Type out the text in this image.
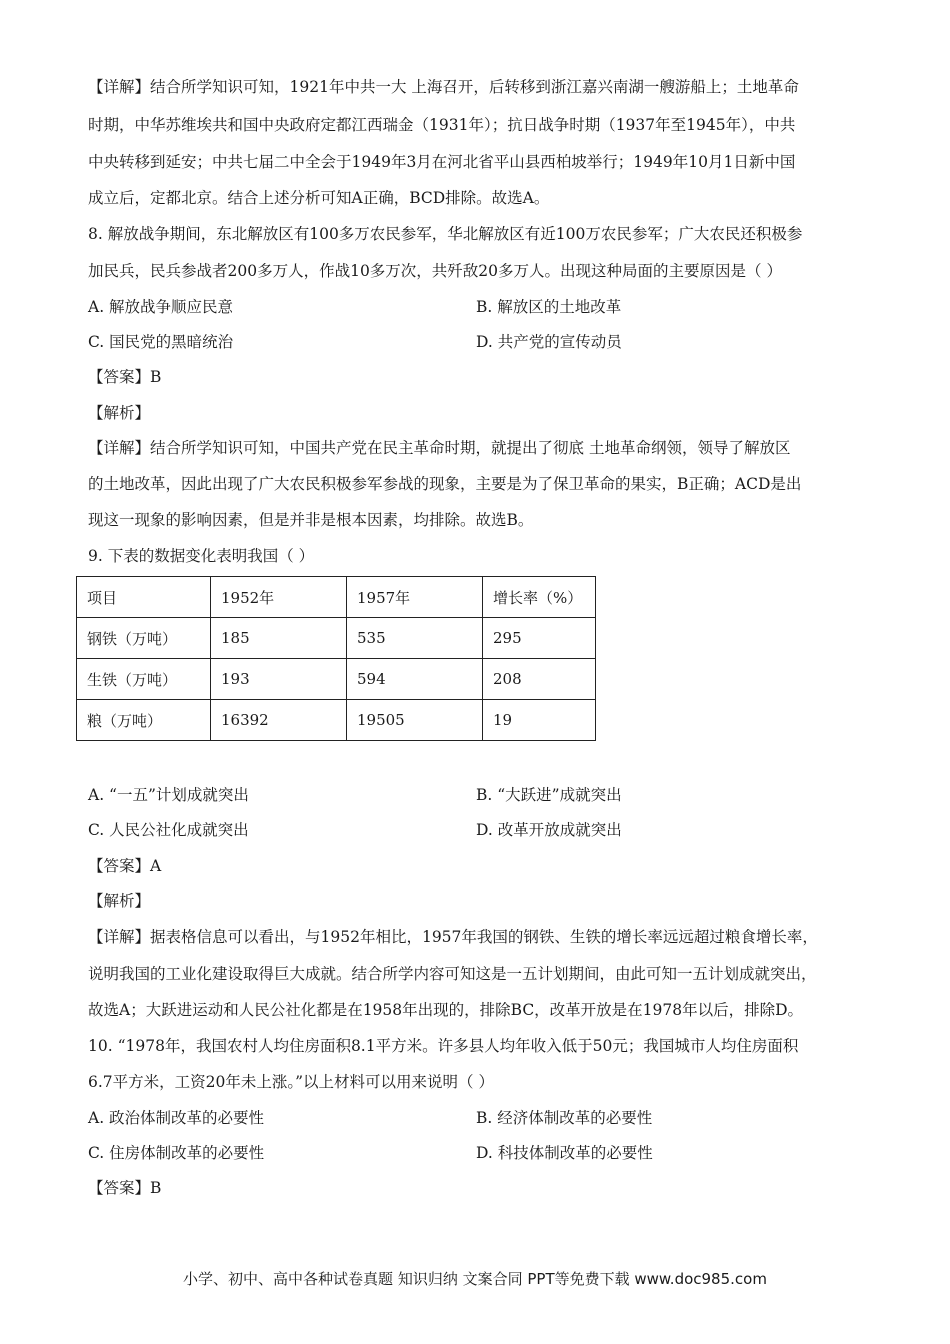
【详解】结合所学知识可知，1921年中共一大 上海召开，后转移到浙江嘉兴南湖一艘游船上；土地革命
时期，中华苏维埃共和国中央政府定都江西瑞金（1931年）；抗日战争时期（1937年至1945年），中共
中央转移到延安；中共七届二中全会于1949年3月在河北省平山县西柏坡举行；1949年10月1日新中国
成立后，定都北京。结合上述分析可知A正确，BCD排除。故选A。
8. 解放战争期间，东北解放区有100多万农民参军，华北解放区有近100万农民参军；广大农民还积极参
加民兵，民兵参战者200多万人，作战10多万次，共歼敌20多万人。出现这种局面的主要原因是（ ）
A. 解放战争顺应民意	B. 解放区的土地改革
C. 国民党的黑暗统治	D. 共产党的宣传动员
【答案】B
【解析】
【详解】结合所学知识可知，中国共产党在民主革命时期，就提出了彻底 土地革命纲领，领导了解放区
的土地改革，因此出现了广大农民积极参军参战的现象，主要是为了保卫革命的果实，B正确；ACD是出
现这一现象的影响因素，但是并非是根本因素，均排除。故选B。
9. 下表的数据变化表明我国（ ）
项目	1952年	1957年	增长率（%）
钢铁（万吨）	185	535	295
生铁（万吨）	193	594	208
粮（万吨）	16392	19505	19
A. “一五”计划成就突出	B. “大跃进”成就突出
C. 人民公社化成就突出	D. 改革开放成就突出
【答案】A
【解析】
【详解】据表格信息可以看出，与1952年相比，1957年我国的钢铁、生铁的增长率远远超过粮食增长率，
说明我国的工业化建设取得巨大成就。结合所学内容可知这是一五计划期间，由此可知一五计划成就突出，
故选A；大跃进运动和人民公社化都是在1958年出现的，排除BC，改革开放是在1978年以后，排除D。
10. “1978年，我国农村人均住房面积8.1平方米。许多县人均年收入低于50元；我国城市人均住房面积
6.7平方米，工资20年未上涨。”以上材料可以用来说明（ ）
A. 政治体制改革的必要性	B. 经济体制改革的必要性
C. 住房体制改革的必要性	D. 科技体制改革的必要性
【答案】B
小学、初中、高中各种试卷真题 知识归纳 文案合同 PPT等免费下载 www.doc985.com
